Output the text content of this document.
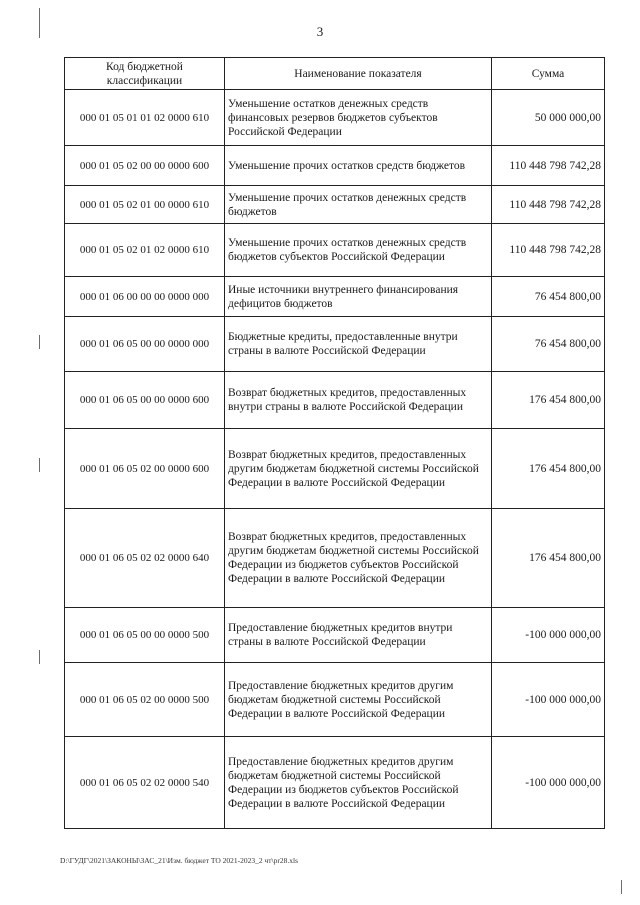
3
Код бюджетной классификации	Наименование показателя	Сумма
000 01 05 01 01 02 0000 610	Уменьшение остатков денежных средств финансовых резервов бюджетов субъектов Российской Федерации	50 000 000,00
000 01 05 02 00 00 0000 600	Уменьшение прочих остатков средств бюджетов	110 448 798 742,28
000 01 05 02 01 00 0000 610	Уменьшение прочих остатков денежных средств бюджетов	110 448 798 742,28
000 01 05 02 01 02 0000 610	Уменьшение прочих остатков денежных средств бюджетов субъектов Российской Федерации	110 448 798 742,28
000 01 06 00 00 00 0000 000	Иные источники внутреннего финансирования дефицитов бюджетов	76 454 800,00
000 01 06 05 00 00 0000 000	Бюджетные кредиты, предоставленные внутри страны в валюте Российской Федерации	76 454 800,00
000 01 06 05 00 00 0000 600	Возврат бюджетных кредитов, предоставленных внутри страны в валюте Российской Федерации	176 454 800,00
000 01 06 05 02 00 0000 600	Возврат бюджетных кредитов, предоставленных другим бюджетам бюджетной системы Российской Федерации в валюте Российской Федерации	176 454 800,00
000 01 06 05 02 02 0000 640	Возврат бюджетных кредитов, предоставленных другим бюджетам бюджетной системы Российской Федерации из бюджетов субъектов Российской Федерации в валюте Российской Федерации	176 454 800,00
000 01 06 05 00 00 0000 500	Предоставление бюджетных кредитов внутри страны в валюте Российской Федерации	-100 000 000,00
000 01 06 05 02 00 0000 500	Предоставление бюджетных кредитов другим бюджетам бюджетной системы Российской Федерации в валюте Российской Федерации	-100 000 000,00
000 01 06 05 02 02 0000 540	Предоставление бюджетных кредитов другим бюджетам бюджетной системы Российской Федерации из бюджетов субъектов Российской Федерации в валюте Российской Федерации	-100 000 000,00
D:\ГУДГ\2021\ЗАКОНЫ\ЗАС_21\Изм. бюджет ТО 2021-2023_2 чт\pr28.xls
